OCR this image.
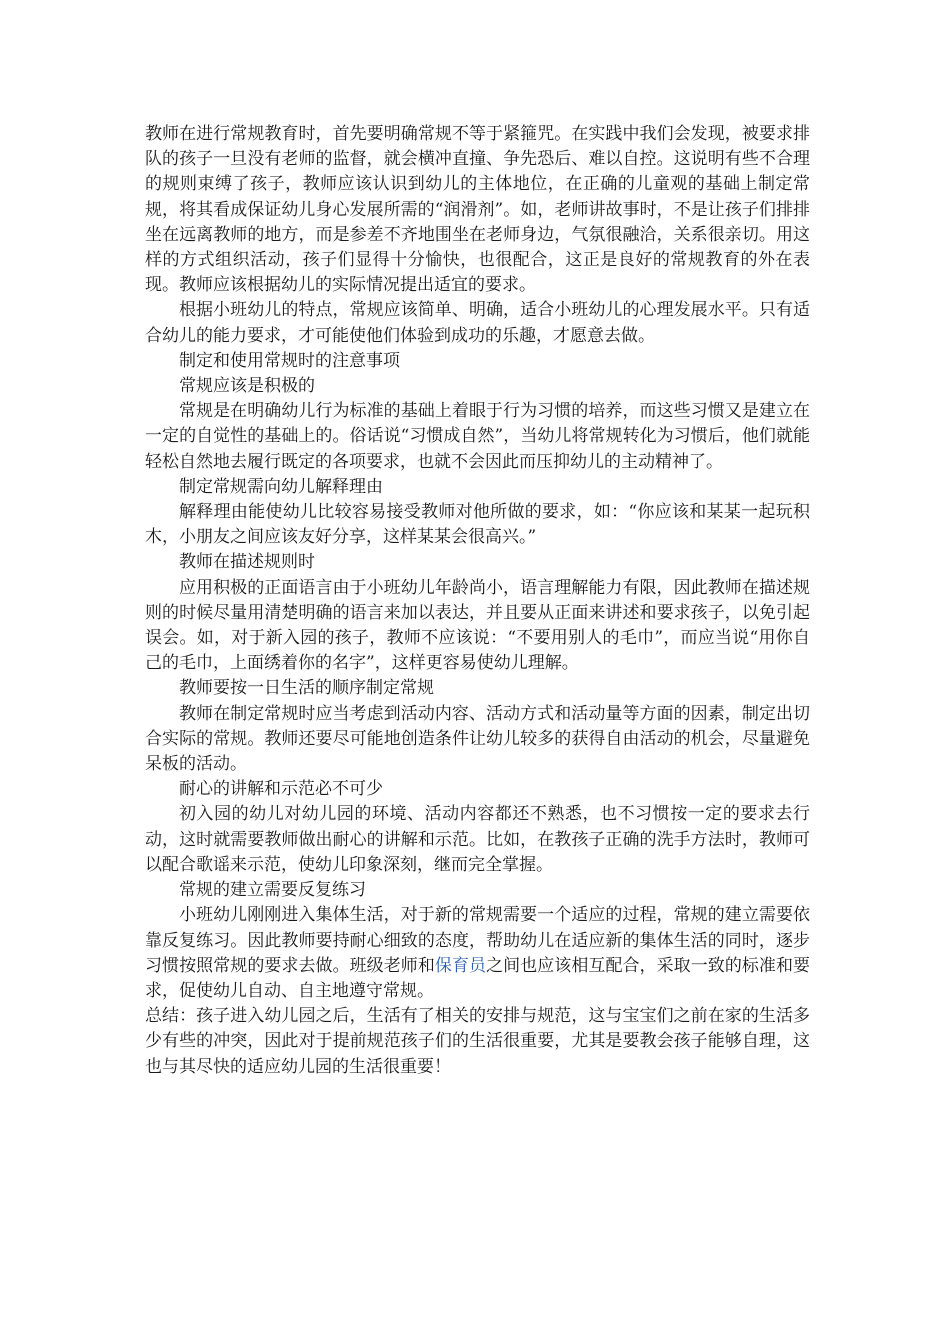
教师在进行常规教育时，首先要明确常规不等于紧箍咒。在实践中我们会发现，被要求排队的孩子一旦没有老师的监督，就会横冲直撞、争先恐后、难以自控。这说明有些不合理的规则束缚了孩子，教师应该认识到幼儿的主体地位，在正确的儿童观的基础上制定常规，将其看成保证幼儿身心发展所需的“润滑剂”。如，老师讲故事时，不是让孩子们排排坐在远离教师的地方，而是参差不齐地围坐在老师身边，气氛很融洽，关系很亲切。用这样的方式组织活动，孩子们显得十分愉快，也很配合，这正是良好的常规教育的外在表现。教师应该根据幼儿的实际情况提出适宜的要求。

根据小班幼儿的特点，常规应该简单、明确，适合小班幼儿的心理发展水平。只有适合幼儿的能力要求，才可能使他们体验到成功的乐趣，才愿意去做。

制定和使用常规时的注意事项

常规应该是积极的

常规是在明确幼儿行为标准的基础上着眼于行为习惯的培养，而这些习惯又是建立在一定的自觉性的基础上的。俗话说“习惯成自然”，当幼儿将常规转化为习惯后，他们就能轻松自然地去履行既定的各项要求，也就不会因此而压抑幼儿的主动精神了。

制定常规需向幼儿解释理由

解释理由能使幼儿比较容易接受教师对他所做的要求，如：“你应该和某某一起玩积木，小朋友之间应该友好分享，这样某某会很高兴。”

教师在描述规则时

应用积极的正面语言由于小班幼儿年龄尚小，语言理解能力有限，因此教师在描述规则的时候尽量用清楚明确的语言来加以表达，并且要从正面来讲述和要求孩子，以免引起误会。如，对于新入园的孩子，教师不应该说：“不要用别人的毛巾”，而应当说“用你自己的毛巾，上面绣着你的名字”，这样更容易使幼儿理解。

教师要按一日生活的顺序制定常规

教师在制定常规时应当考虑到活动内容、活动方式和活动量等方面的因素，制定出切合实际的常规。教师还要尽可能地创造条件让幼儿较多的获得自由活动的机会，尽量避免呆板的活动。

耐心的讲解和示范必不可少

初入园的幼儿对幼儿园的环境、活动内容都还不熟悉，也不习惯按一定的要求去行动，这时就需要教师做出耐心的讲解和示范。比如，在教孩子正确的洗手方法时，教师可以配合歌谣来示范，使幼儿印象深刻，继而完全掌握。

常规的建立需要反复练习

小班幼儿刚刚进入集体生活，对于新的常规需要一个适应的过程，常规的建立需要依靠反复练习。因此教师要持耐心细致的态度，帮助幼儿在适应新的集体生活的同时，逐步习惯按照常规的要求去做。班级老师和保育员之间也应该相互配合，采取一致的标准和要求，促使幼儿自动、自主地遵守常规。

总结：孩子进入幼儿园之后，生活有了相关的安排与规范，这与宝宝们之前在家的生活多少有些的冲突，因此对于提前规范孩子们的生活很重要，尤其是要教会孩子能够自理，这也与其尽快的适应幼儿园的生活很重要！
